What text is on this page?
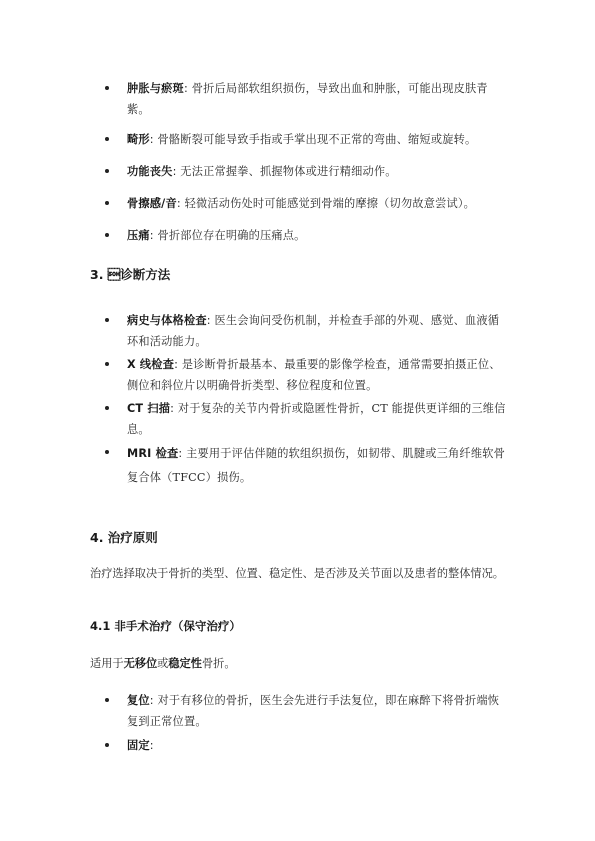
肿胀与瘀斑: 骨折后局部软组织损伤，导致出血和肿胀，可能出现皮肤青紫。
畸形: 骨骼断裂可能导致手指或手掌出现不正常的弯曲、缩短或旋转。
功能丧失: 无法正常握拳、抓握物体或进行精细动作。
骨擦感/音: 轻微活动伤处时可能感觉到骨端的摩擦（切勿故意尝试）。
压痛: 骨折部位存在明确的压痛点。
3. 诊断方法
病史与体格检查: 医生会询问受伤机制，并检查手部的外观、感觉、血液循环和活动能力。
X 线检查: 是诊断骨折最基本、最重要的影像学检查，通常需要拍摄正位、侧位和斜位片以明确骨折类型、移位程度和位置。
CT 扫描: 对于复杂的关节内骨折或隐匿性骨折，CT 能提供更详细的三维信息。
MRI 检查: 主要用于评估伴随的软组织损伤，如韧带、肌腱或三角纤维软骨复合体（TFCC）损伤。
4. 治疗原则

治疗选择取决于骨折的类型、位置、稳定性、是否涉及关节面以及患者的整体情况。

4.1 非手术治疗（保守治疗）

适用于无移位或稳定性骨折。

复位: 对于有移位的骨折，医生会先进行手法复位，即在麻醉下将骨折端恢复到正常位置。
固定:
